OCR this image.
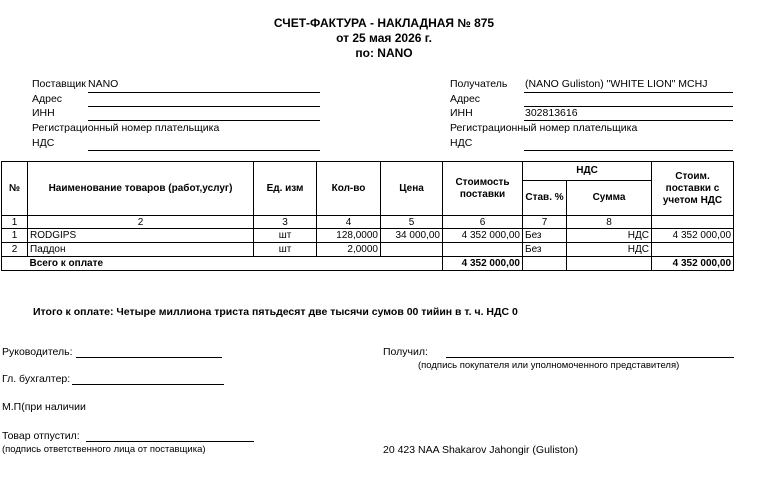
СЧЕТ-ФАКТУРА - НАКЛАДНАЯ № 875
от 25 мая 2026 г.
по: NANO
Поставщик NANO
Адрес
ИНН
Регистрационный номер плательщика
НДС
Получатель (NANO Guliston) "WHITE LION" MCHJ
Адрес
ИНН	302813616
Регистрационный номер плательщика
НДС
№	Наименование товаров (работ,услуг)	Ед. изм	Кол-во	Цена	Стоимость поставки	НДС		Стоим. поставки с учетом НДС
						Став. %	Сумма	
1	2	3	4	5	6	7	8	
1	RODGIPS	шт	128,0000	34 000,00	4 352 000,00	Без	НДС	4 352 000,00
2	Паддон	шт	2,0000			Без	НДС	
	Всего к оплате				4 352 000,00			4 352 000,00
Итого к оплате: Четыре миллиона триста пятьдесят две тысячи сумов 00 тийин в т. ч. НДС 0
Руководитель:	Получил:
(подпись покупателя или уполномоченного представителя)
Гл. бухгалтер:
М.П(при наличии
Товар отпустил:
(подпись ответственного лица от поставщика)	20 423 NAA Shakarov Jahongir (Guliston)
